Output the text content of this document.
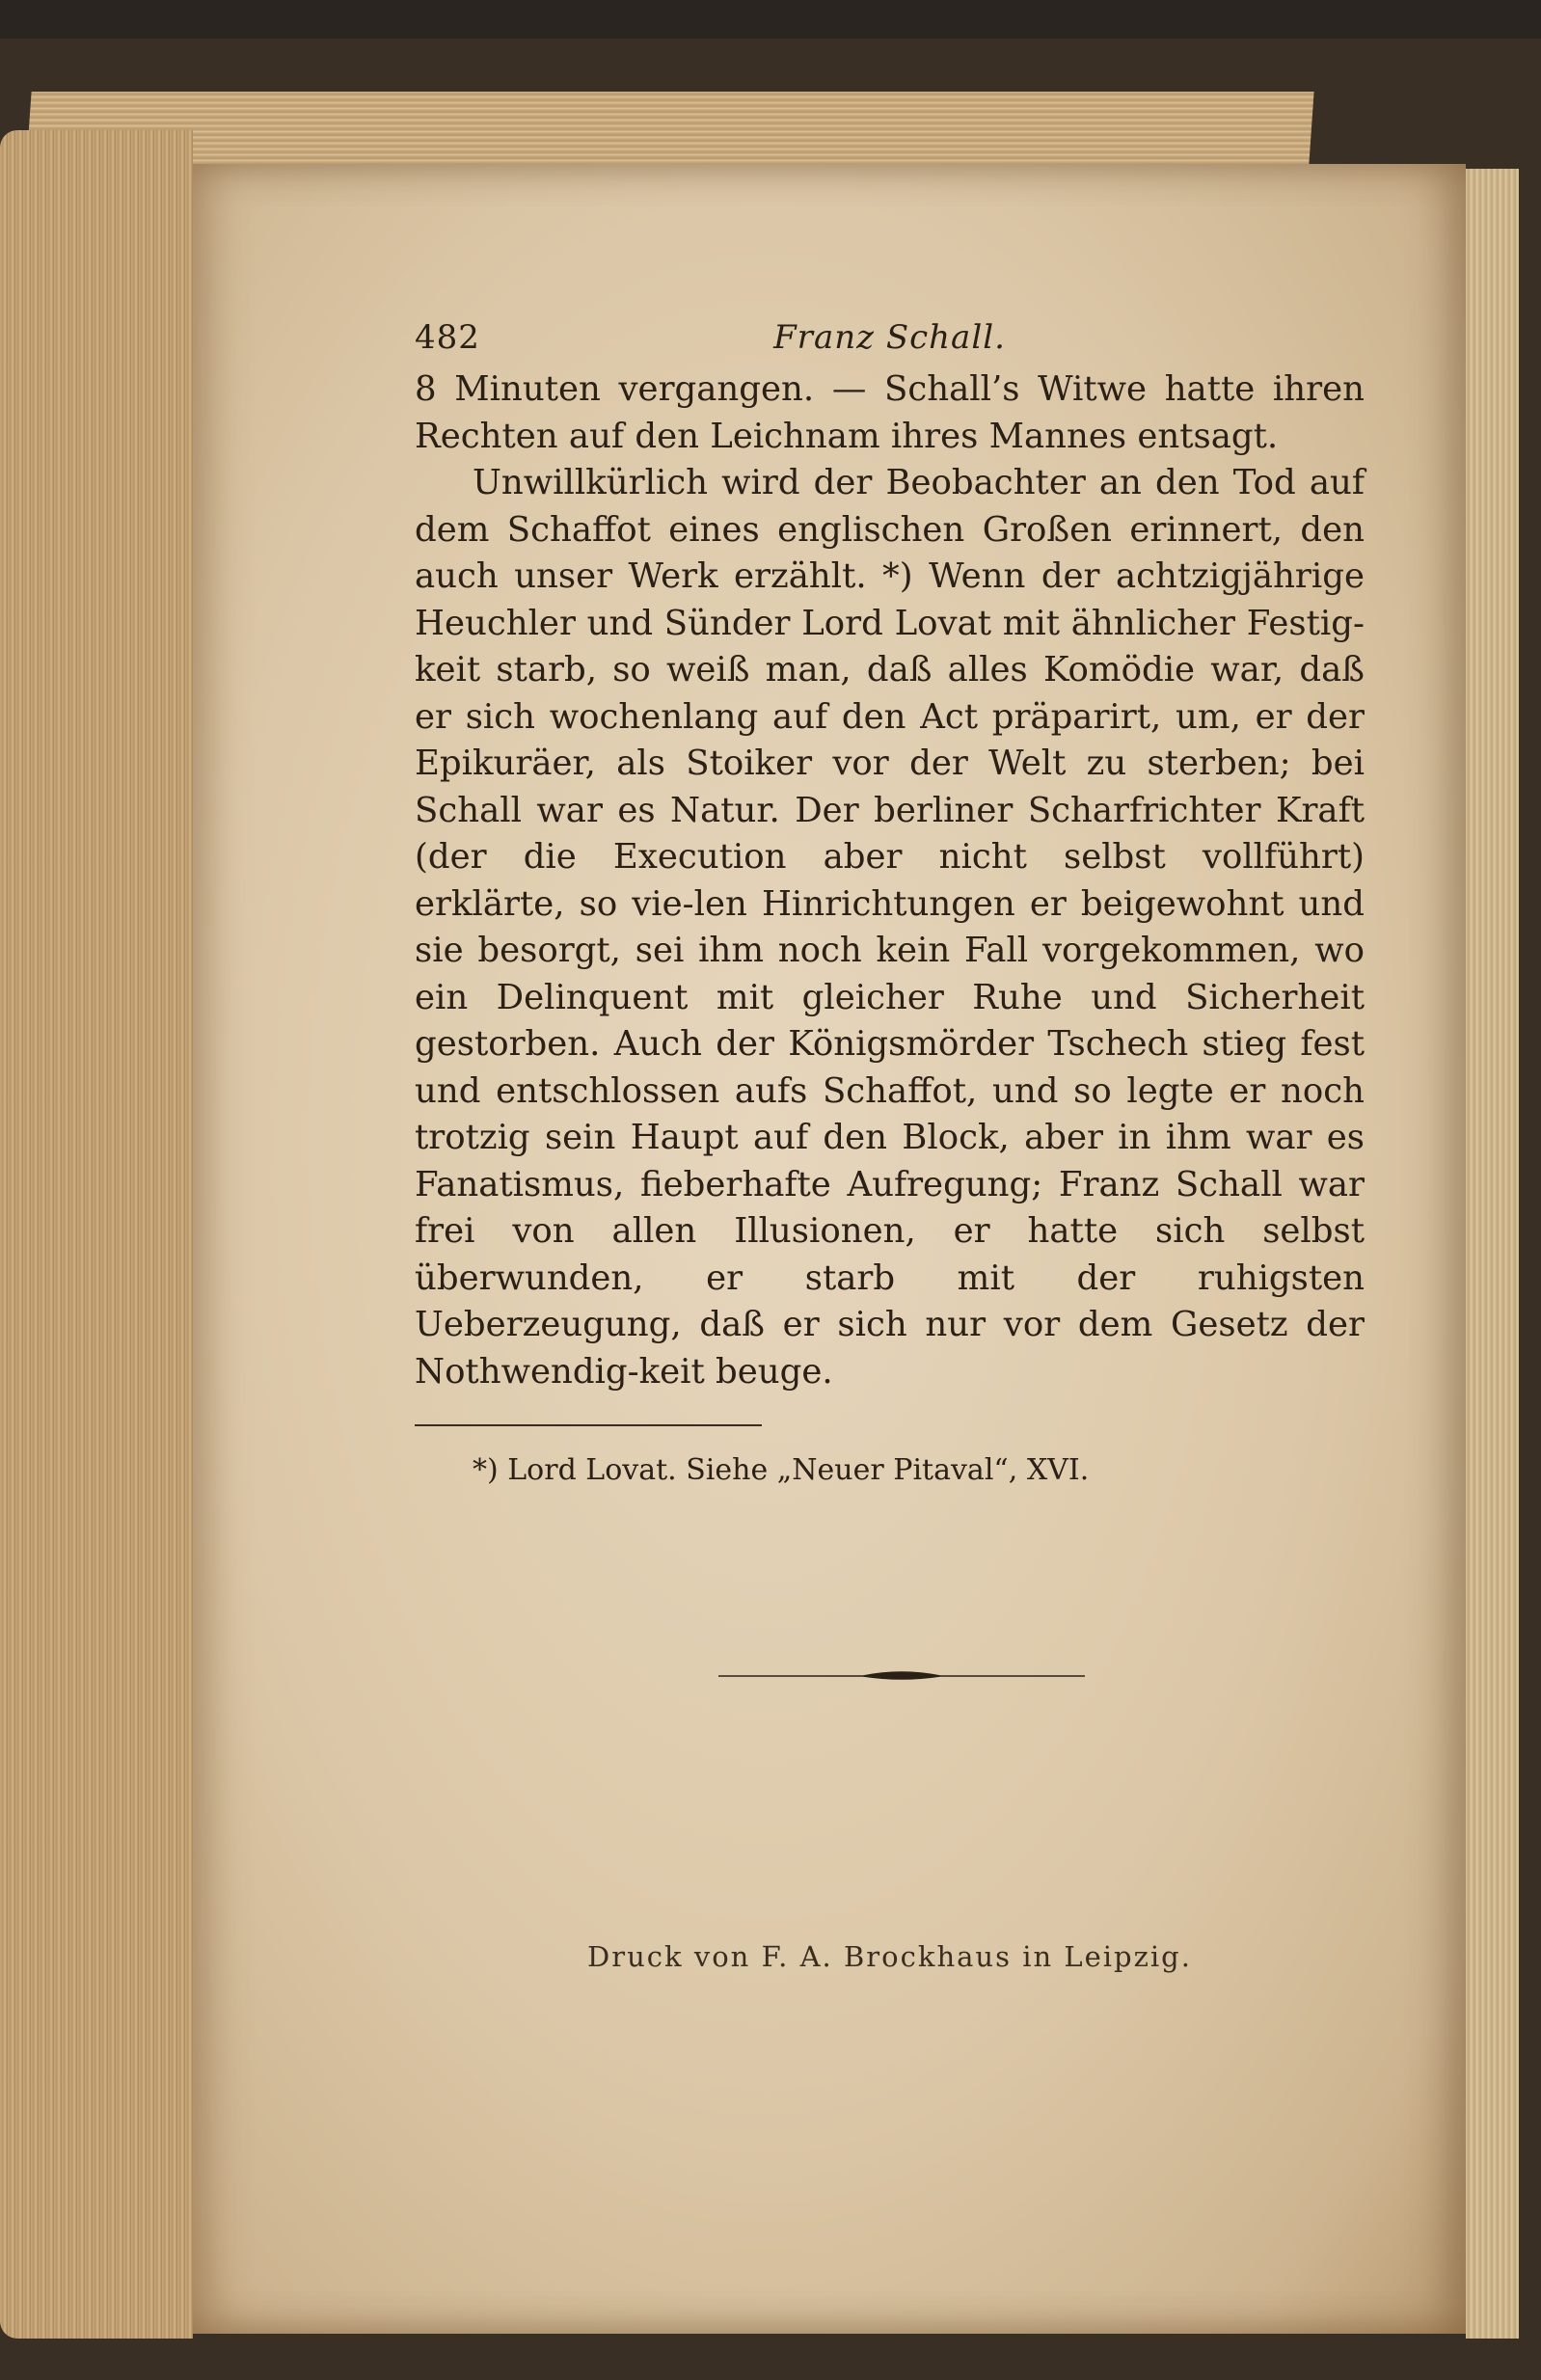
482	Franz Schall.

8 Minuten vergangen. — Schall’s Witwe hatte ihren Rechten auf den Leichnam ihres Mannes entsagt.

Unwillkürlich wird der Beobachter an den Tod auf dem Schaffot eines englischen Großen erinnert, den auch unser Werk erzählt. *) Wenn der achtzigjährige Heuchler und Sünder Lord Lovat mit ähnlicher Festig-keit starb, so weiß man, daß alles Komödie war, daß er sich wochenlang auf den Act präparirt, um, er der Epikuräer, als Stoiker vor der Welt zu sterben; bei Schall war es Natur. Der berliner Scharfrichter Kraft (der die Execution aber nicht selbst vollführt) erklärte, so vie-len Hinrichtungen er beigewohnt und sie besorgt, sei ihm noch kein Fall vorgekommen, wo ein Delinquent mit gleicher Ruhe und Sicherheit gestorben. Auch der Königsmörder Tschech stieg fest und entschlossen aufs Schaffot, und so legte er noch trotzig sein Haupt auf den Block, aber in ihm war es Fanatismus, fieberhafte Aufregung; Franz Schall war frei von allen Illusionen, er hatte sich selbst überwunden, er starb mit der ruhigsten Ueberzeugung, daß er sich nur vor dem Gesetz der Nothwendig-keit beuge.

*) Lord Lovat. Siehe „Neuer Pitaval“, XVI.
Druck von F. A. Brockhaus in Leipzig.
